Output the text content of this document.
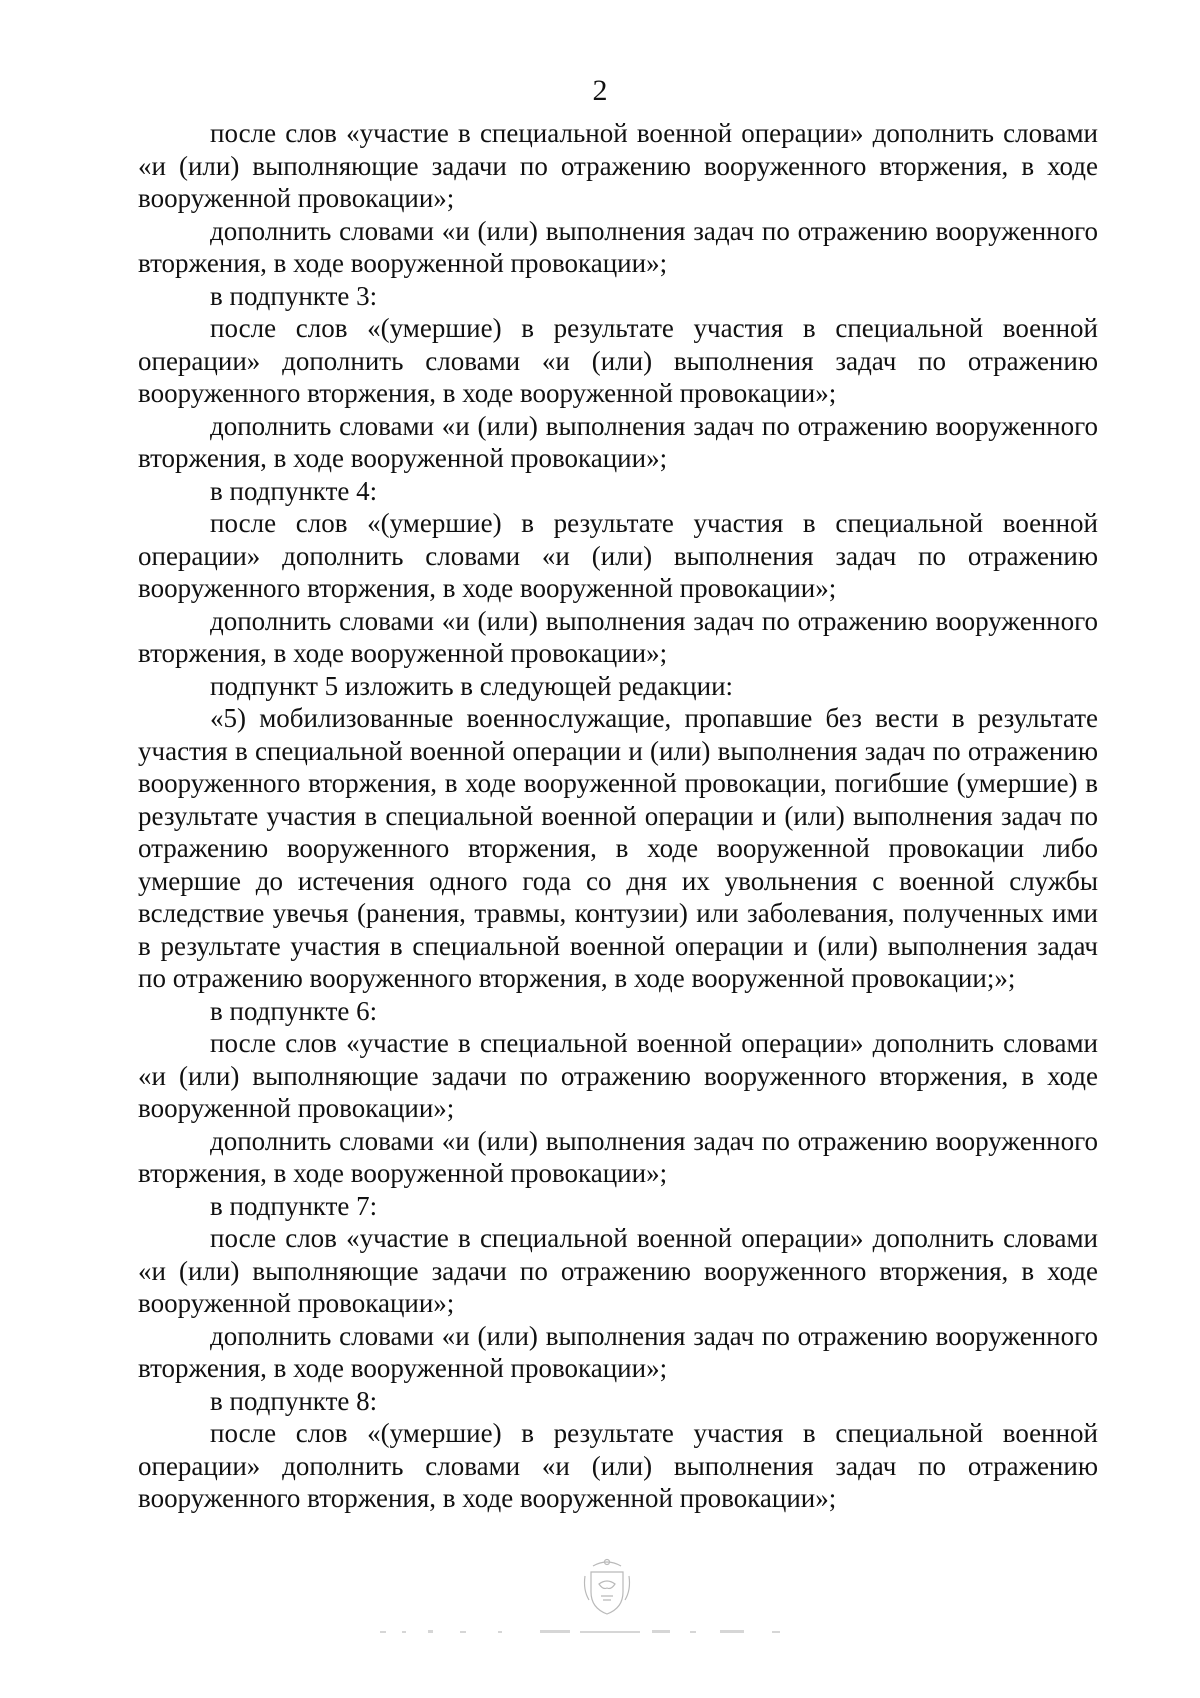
2

после слов «участие в специальной военной операции» дополнить словами «и (или) выполняющие задачи по отражению вооруженного вторжения, в ходе вооруженной провокации»;

дополнить словами «и (или) выполнения задач по отражению вооруженного вторжения, в ходе вооруженной провокации»;

в подпункте 3:

после слов «(умершие) в результате участия в специальной военной операции» дополнить словами «и (или) выполнения задач по отражению вооруженного вторжения, в ходе вооруженной провокации»;

дополнить словами «и (или) выполнения задач по отражению вооруженного вторжения, в ходе вооруженной провокации»;

в подпункте 4:

после слов «(умершие) в результате участия в специальной военной операции» дополнить словами «и (или) выполнения задач по отражению вооруженного вторжения, в ходе вооруженной провокации»;

дополнить словами «и (или) выполнения задач по отражению вооруженного вторжения, в ходе вооруженной провокации»;

подпункт 5 изложить в следующей редакции:

«5) мобилизованные военнослужащие, пропавшие без вести в результате участия в специальной военной операции и (или) выполнения задач по отражению вооруженного вторжения, в ходе вооруженной провокации, погибшие (умершие) в результате участия в специальной военной операции и (или) выполнения задач по отражению вооруженного вторжения, в ходе вооруженной провокации либо умершие до истечения одного года со дня их увольнения с военной службы вследствие увечья (ранения, травмы, контузии) или заболевания, полученных ими в результате участия в специальной военной операции и (или) выполнения задач по отражению вооруженного вторжения, в ходе вооруженной провокации;»;

в подпункте 6:

после слов «участие в специальной военной операции» дополнить словами «и (или) выполняющие задачи по отражению вооруженного вторжения, в ходе вооруженной провокации»;

дополнить словами «и (или) выполнения задач по отражению вооруженного вторжения, в ходе вооруженной провокации»;

в подпункте 7:

после слов «участие в специальной военной операции» дополнить словами «и (или) выполняющие задачи по отражению вооруженного вторжения, в ходе вооруженной провокации»;

дополнить словами «и (или) выполнения задач по отражению вооруженного вторжения, в ходе вооруженной провокации»;

в подпункте 8:

после слов «(умершие) в результате участия в специальной военной операции» дополнить словами «и (или) выполнения задач по отражению вооруженного вторжения, в ходе вооруженной провокации»;
